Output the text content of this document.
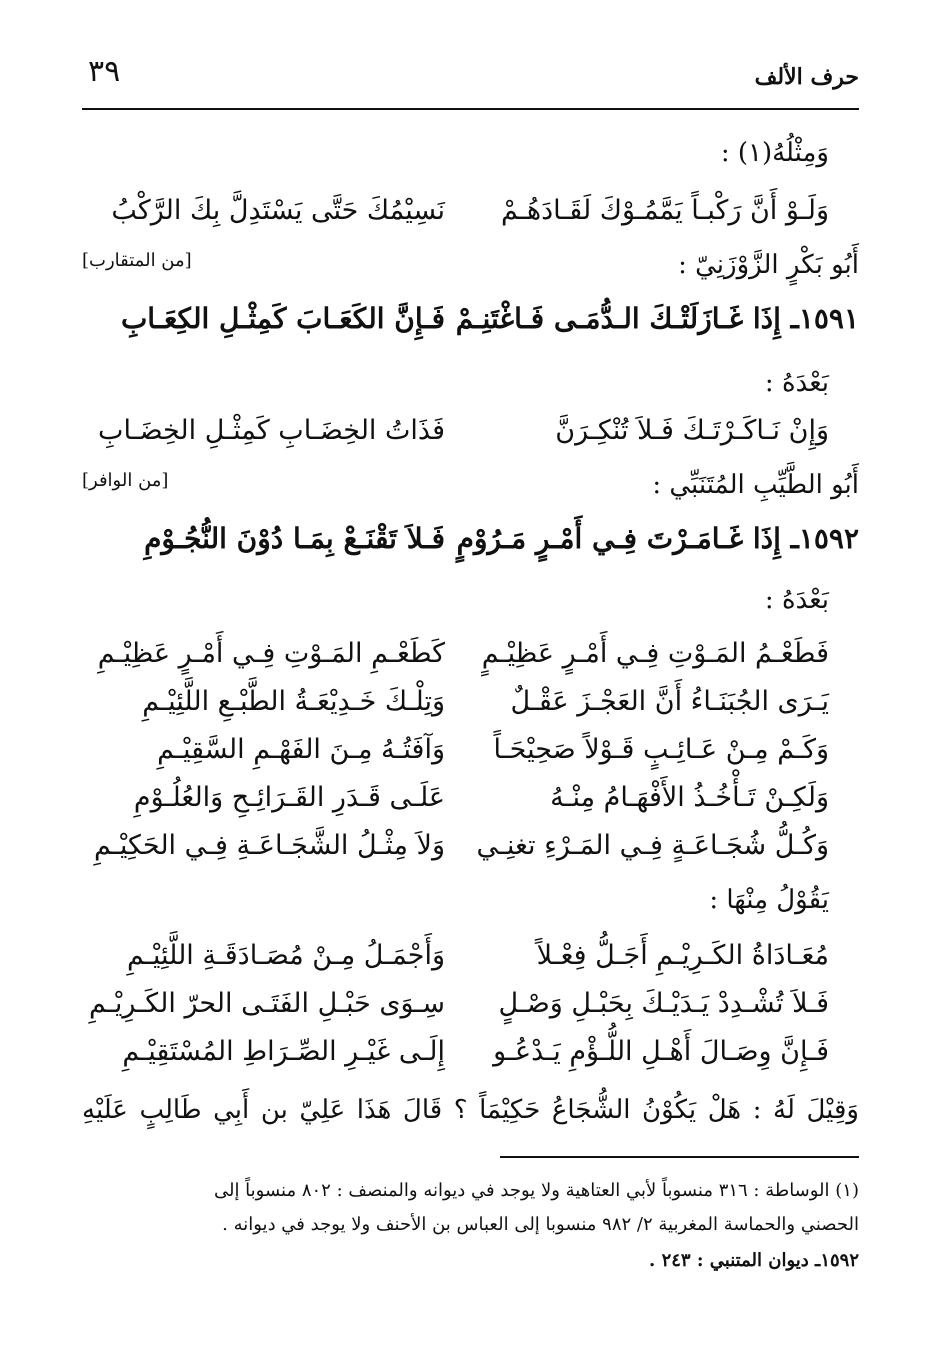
٣٩	حرف الألف
وَمِثْلُهُ(١) :
وَلَـوْ أَنَّ رَكْبـاً يَمَّمُـوْكَ لَقَـادَهُـمْ
نَسِيْمُكَ حَتَّى يَسْتَدِلَّ بِكَ الرَّكْبُ
أَبُو بَكْرٍ الزَّوْزَنِيّ :
[من المتقارب]
١٥٩١ـ إِذَا غَـازَلَتْـكَ الـدُّمَـى فَـاغْتَنِـمْ
فَـإِنَّ الكَعَـابَ كَمِثْـلِ الكِعَـابِ
بَعْدَهُ :
وَإِنْ نَـاكَـرْتَـكَ فَـلاَ تُنْكِـرَنَّ
فَذَاتُ الخِضَـابِ كَمِثْـلِ الخِضَـابِ
أَبُو الطَّيِّبِ المُتَنَبِّي :
[من الوافر]
١٥٩٢ـ إِذَا غَـامَـرْتَ فِـي أَمْـرٍ مَـرُوْمٍ
فَـلاَ تَقْنَـعْ بِمَـا دُوْنَ النُّجُـوْمِ
بَعْدَهُ :
فَطَعْـمُ المَـوْتِ فِـي أَمْـرٍ عَظِيْـمٍ
كَطَعْـمِ المَـوْتِ فِـي أَمْـرٍ عَظِيْـمِ
يَـرَى الجُبَنَـاءُ أَنَّ العَجْـزَ عَقْـلٌ
وَتِلْـكَ خَـدِيْعَـةُ الطَّبْـعِ اللَّئِيْـمِ
وَكَـمْ مِـنْ عَـائِـبٍ قَـوْلاً صَحِيْحَـاً
وَآفَتُـهُ مِـنَ الفَهْـمِ السَّقِيْـمِ
وَلَكِـنْ تَـأْخُـذُ الأَفْهَـامُ مِنْـهُ
عَلَـى قَـدَرِ القَـرَائِـحِ وَالعُلُـوْمِ
وَكُـلُّ شُجَـاعَـةٍ فِـي المَـرْءِ تغنِـي
وَلاَ مِثْـلُ الشَّجَـاعَـةِ فِـي الحَكِيْـمِ
يَقُوْلُ مِنْهَا :
مُعَـادَاةُ الكَـرِيْـمِ أَجَـلُّ فِعْـلاً
وَأَجْمَـلُ مِـنْ مُصَـادَقَـةِ اللَّئِيْـمِ
فَـلاَ تُشْـدِدْ يَـدَيْـكَ بِحَبْـلِ وَصْـلٍ
سِـوَى حَبْـلِ الفَتَـى الحرّ الكَـرِيْـمِ
فَـإِنَّ وِصَـالَ أَهْـلِ اللُّـؤْمِ يَـدْعُـو
إِلَـى غَيْـرِ الصِّـرَاطِ المُسْتَقِيْـمِ
وَقِيْلَ لَهُ : هَلْ يَكُوْنُ الشُّجَاعُ حَكِيْمَاً ؟ قَالَ هَذَا عَلِيّ بن أَبِي طَالِبٍ عَلَيْهِ
(١) الوساطة : ٣١٦ منسوباً لأبي العتاهية ولا يوجد في ديوانه والمنصف : ٨٠٢ منسوباً إلى
الحصني والحماسة المغربية ٢/ ٩٨٢ منسوبا إلى العباس بن الأحنف ولا يوجد في ديوانه .
١٥٩٢ـ ديوان المتنبي : ٢٤٣ .
